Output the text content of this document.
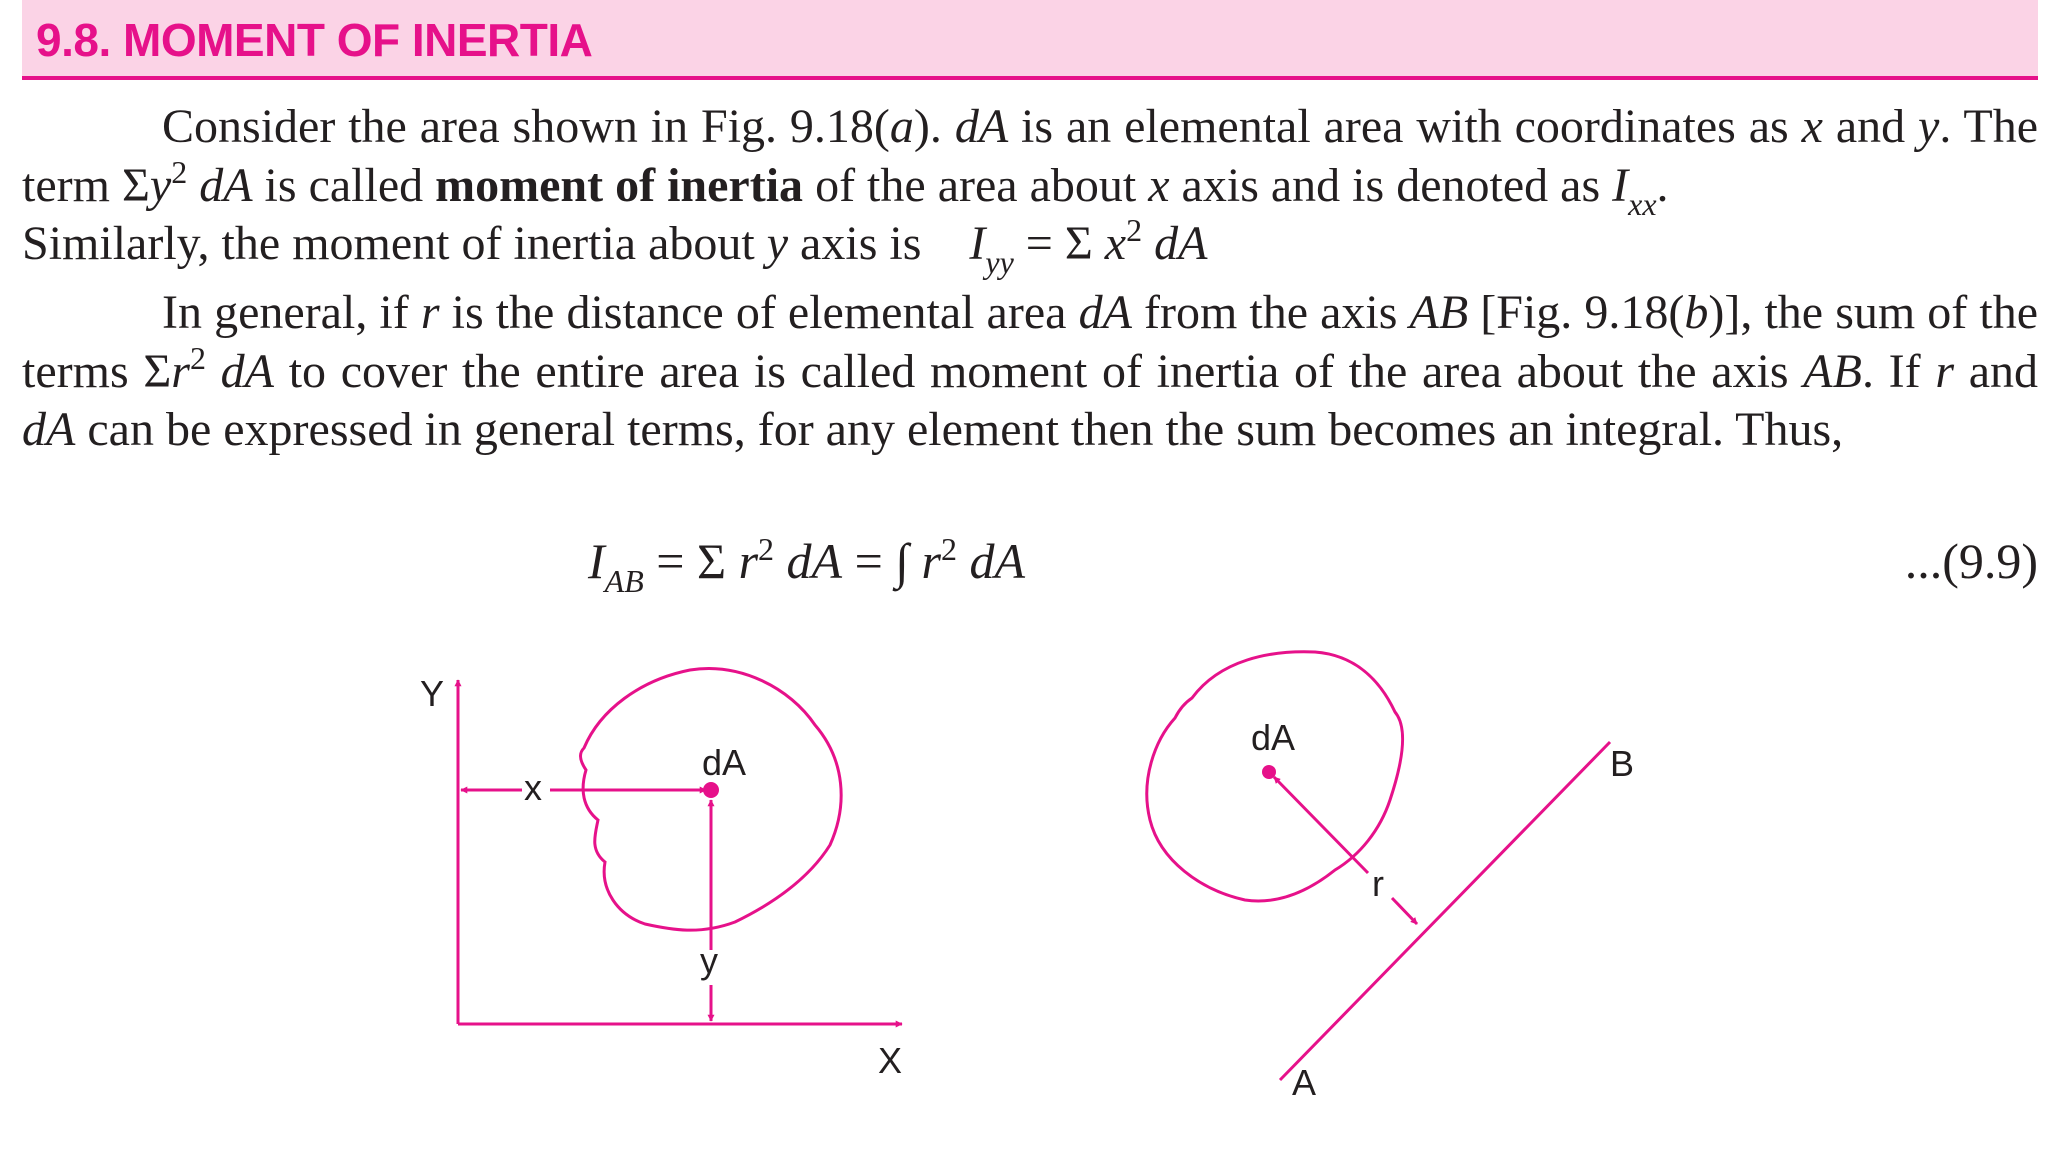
9.8. MOMENT OF INERTIA

Consider the area shown in Fig. 9.18(a). dA is an elemental area with coordinates as x and y. The term $\Sigma y^2$ dA is called moment of inertia of the area about x axis and is denoted as $I_{xx}$.
Similarly, the moment of inertia about y axis is    $I_{yy} = \Sigma$ $x^2$ dA

In general, if r is the distance of elemental area dA from the axis AB [Fig. 9.18(b)], the sum of the terms $\Sigma r^2$ dA to cover the entire area is called moment of inertia of the area about the axis AB. If r and dA can be expressed in general terms, for any element then the sum becomes an integral. Thus,

$I_{AB} = \Sigma$ $r^2$ dA = ∫ $r^2$ dA	...(9.9)
Y
X
x
y
dA
dA
r
A
B
